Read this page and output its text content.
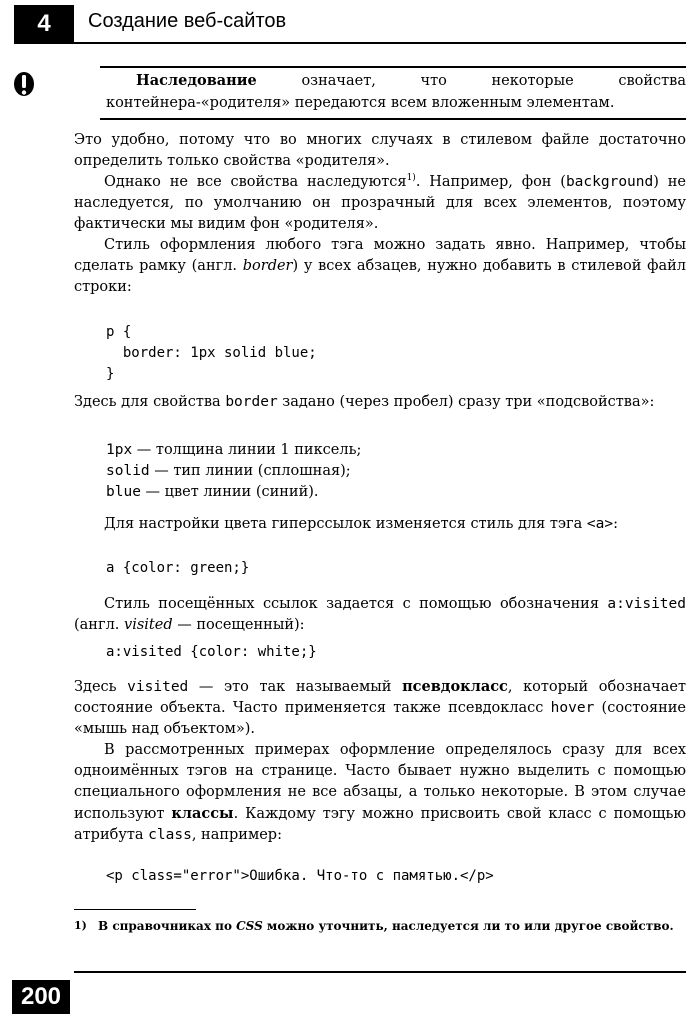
4	Создание веб-сайтов

Наследование означает, что некоторые свойства контейнера-«родителя» передаются всем вложенным элементам.

Это удобно, потому что во многих случаях в стилевом файле достаточно определить только свойства «родителя».

Однако не все свойства наследуются$^{1)}$. Например, фон (background) не наследуется, по умолчанию он прозрачный для всех элементов, поэтому фактически мы видим фон «родителя».

Стиль оформления любого тэга можно задать явно. Например, чтобы сделать рамку (англ. border) у всех абзацев, нужно добавить в стилевой файл строки:

p {
border: 1px solid blue;
}

Здесь для свойства border задано (через пробел) сразу три «подсвойства»:

1px — толщина линии 1 пиксель;
solid — тип линии (сплошная);
blue — цвет линии (синий).

Для настройки цвета гиперссылок изменяется стиль для тэга <a>:

a {color: green;}

Стиль посещённых ссылок задается с помощью обозначения a:visited (англ. visited — посещенный):

a:visited {color: white;}

Здесь visited — это так называемый псевдокласс, который обозначает состояние объекта. Часто применяется также псевдокласс hover (состояние «мышь над объектом»).

В рассмотренных примерах оформление определялось сразу для всех одноимённых тэгов на странице. Часто бывает нужно выделить с помощью специального оформления не все абзацы, а только некоторые. В этом случае используют классы. Каждому тэгу можно присвоить свой класс с помощью атрибута class, например:

<p class="error">Ошибка. Что-то с памятью.</p>
1) В справочниках по CSS можно уточнить, наследуется ли то или другое свойство.
200
